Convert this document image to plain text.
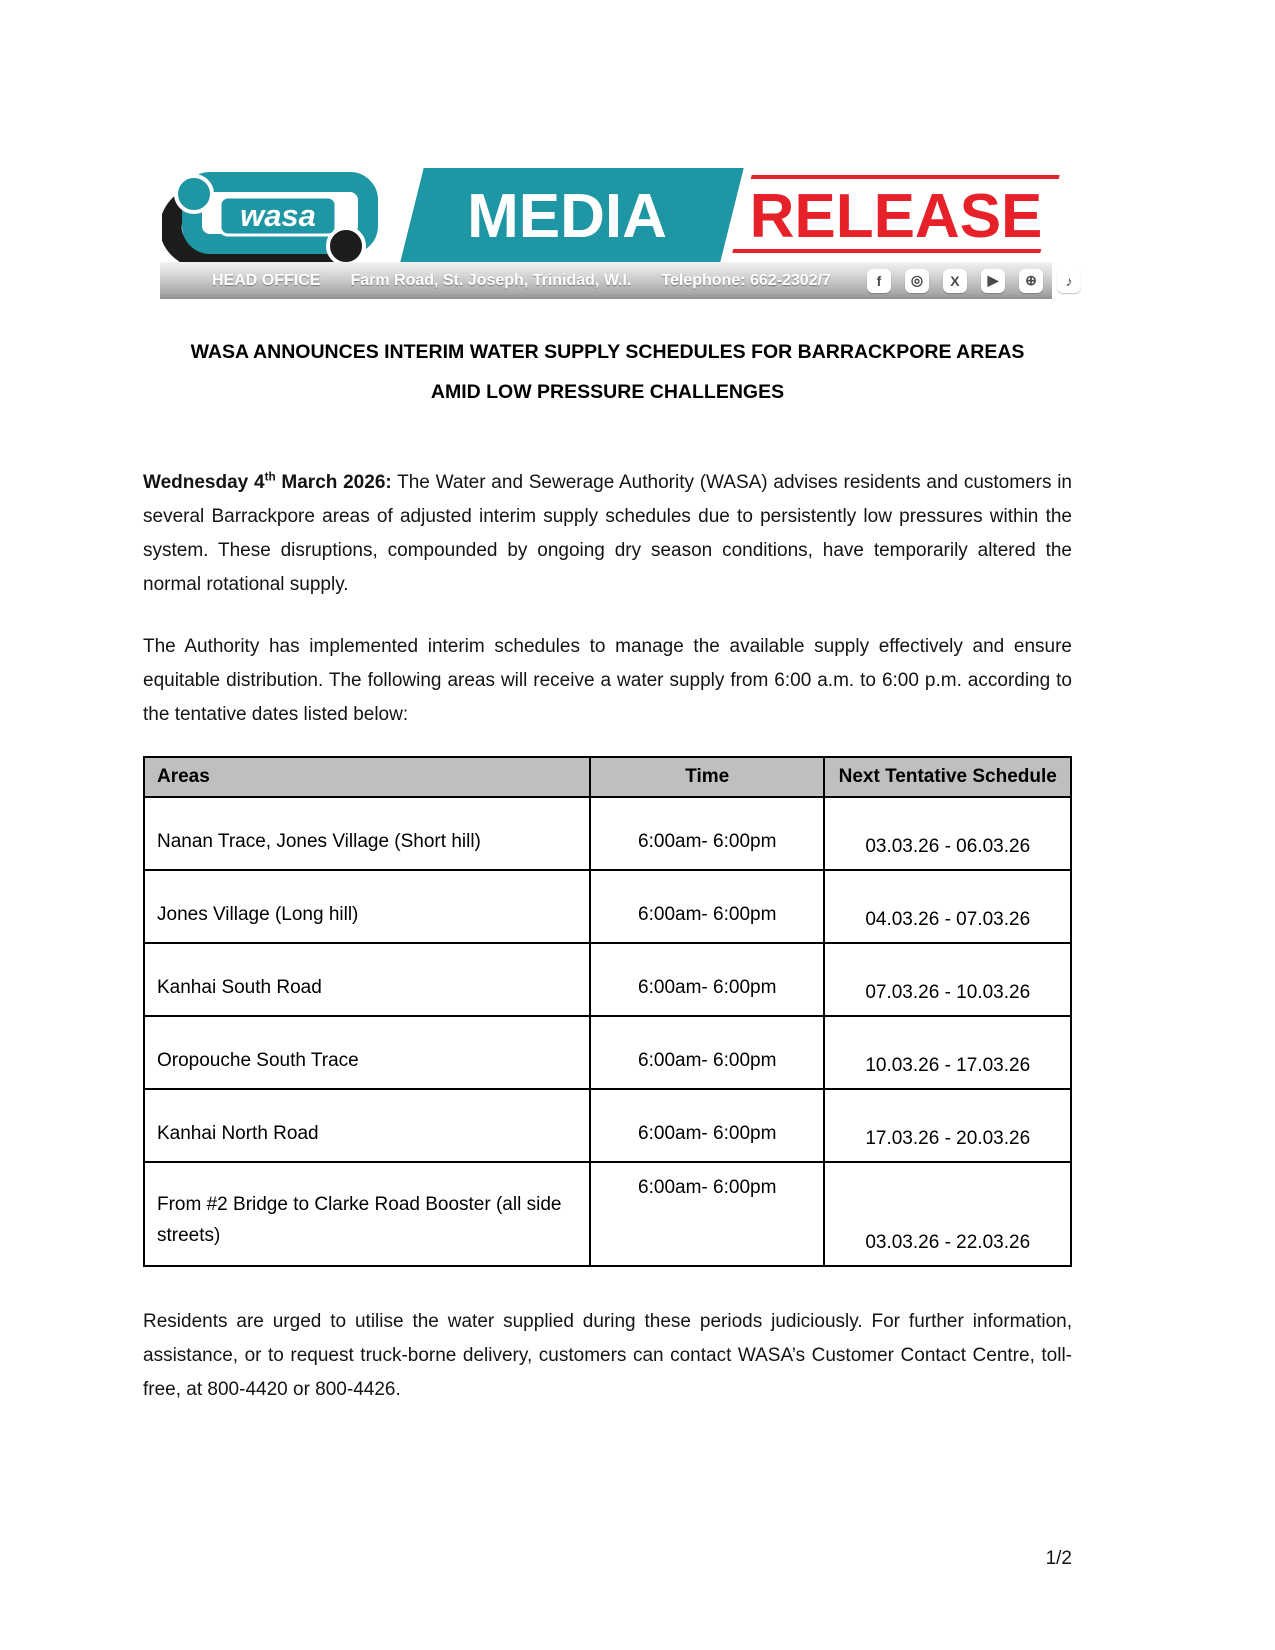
wasa	MEDIA	RELEASE
HEAD OFFICE Farm Road, St. Joseph, Trinidad, W.I. Telephone: 662-2302/7	f	◎	X	▶	⊕	♪
WASA ANNOUNCES INTERIM WATER SUPPLY SCHEDULES FOR BARRACKPORE AREAS
AMID LOW PRESSURE CHALLENGES

Wednesday 4th March 2026: The Water and Sewerage Authority (WASA) advises residents and customers in several Barrackpore areas of adjusted interim supply schedules due to persistently low pressures within the system. These disruptions, compounded by ongoing dry season conditions, have temporarily altered the normal rotational supply.

The Authority has implemented interim schedules to manage the available supply effectively and ensure equitable distribution. The following areas will receive a water supply from 6:00 a.m. to 6:00 p.m. according to the tentative dates listed below:

Areas	Time	Next Tentative Schedule
Nanan Trace, Jones Village (Short hill)	6:00am- 6:00pm	03.03.26 - 06.03.26
Jones Village (Long hill)	6:00am- 6:00pm	04.03.26 - 07.03.26
Kanhai South Road	6:00am- 6:00pm	07.03.26 - 10.03.26
Oropouche South Trace	6:00am- 6:00pm	10.03.26 - 17.03.26
Kanhai North Road	6:00am- 6:00pm	17.03.26 - 20.03.26
From #2 Bridge to Clarke Road Booster (all side streets)	6:00am- 6:00pm	03.03.26 - 22.03.26

Residents are urged to utilise the water supplied during these periods judiciously. For further information, assistance, or to request truck-borne delivery, customers can contact WASA’s Customer Contact Centre, toll-free, at 800-4420 or 800-4426.

1/2
